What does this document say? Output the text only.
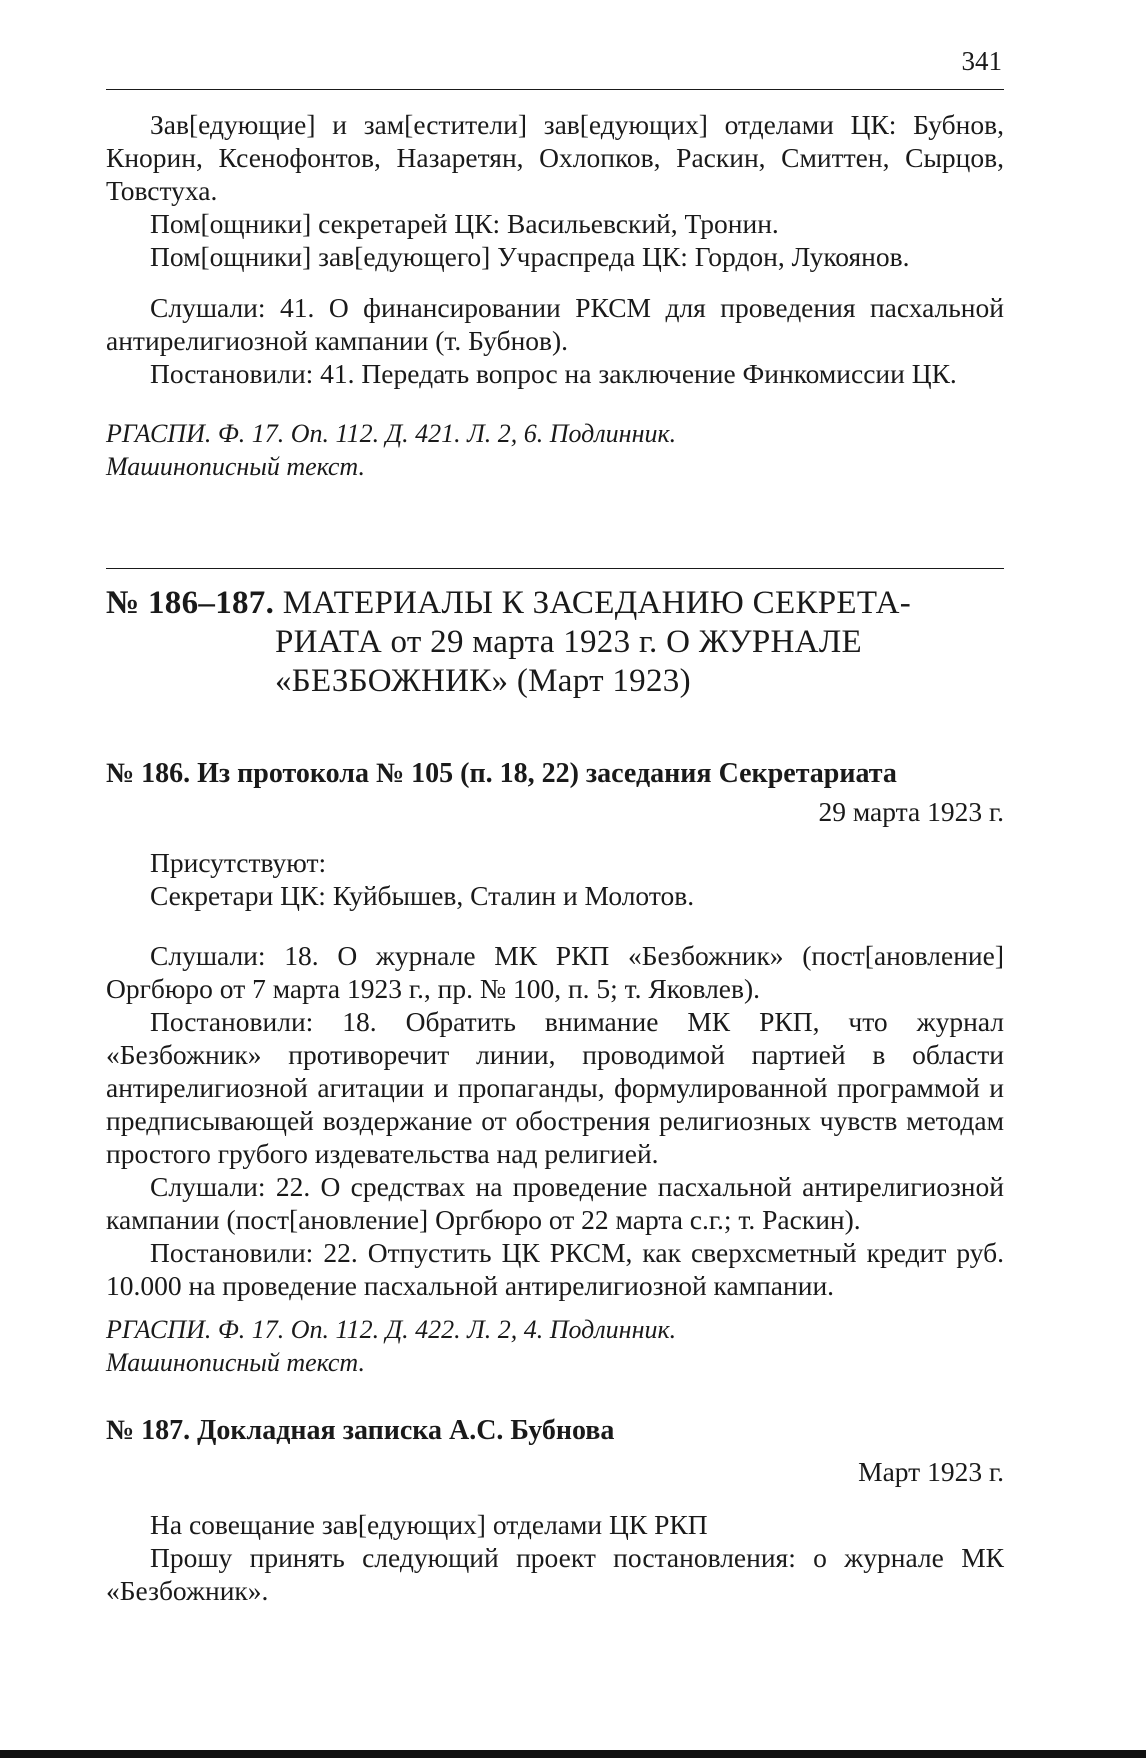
341

Зав[едующие] и зам[естители] зав[едующих] отделами ЦК: Бубнов, Кнорин, Ксенофонтов, Назаретян, Охлопков, Раскин, Смиттен, Сырцов, Товстуха.

Пом[ощники] секретарей ЦК: Васильевский, Тронин.

Пом[ощники] зав[едующего] Учраспреда ЦК: Гордон, Лукоянов.

Слушали: 41. О финансировании РКСМ для проведения пасхальной антирелигиозной кампании (т. Бубнов).

Постановили: 41. Передать вопрос на заключение Финкомиссии ЦК.

РГАСПИ. Ф. 17. Оп. 112. Д. 421. Л. 2, 6. Подлинник.
Машинописный текст.
№ 186–187. МАТЕРИАЛЫ К ЗАСЕДАНИЮ СЕКРЕТА-
РИАТА от 29 марта 1923 г. О ЖУРНАЛЕ
«БЕЗБОЖНИК» (Март 1923)
№ 186. Из протокола № 105 (п. 18, 22) заседания Секретариата
29 марта 1923 г.

Присутствуют:

Секретари ЦК: Куйбышев, Сталин и Молотов.

Слушали: 18. О журнале МК РКП «Безбожник» (пост[ановление] Оргбюро от 7 марта 1923 г., пр. № 100, п. 5; т. Яковлев).

Постановили: 18. Обратить внимание МК РКП, что журнал «Безбожник» противоречит линии, проводимой партией в области антирелигиозной агитации и пропаганды, формулированной программой и предписывающей воздержание от обострения религиозных чувств методам простого грубого издевательства над религией.

Слушали: 22. О средствах на проведение пасхальной антирелигиозной кампании (пост[ановление] Оргбюро от 22 марта с.г.; т. Раскин).

Постановили: 22. Отпустить ЦК РКСМ, как сверхсметный кредит руб. 10.000 на проведение пасхальной антирелигиозной кампании.

РГАСПИ. Ф. 17. Оп. 112. Д. 422. Л. 2, 4. Подлинник.
Машинописный текст.
№ 187. Докладная записка А.С. Бубнова
Март 1923 г.

На совещание зав[едующих] отделами ЦК РКП

Прошу принять следующий проект постановления: о журнале МК «Безбожник».
